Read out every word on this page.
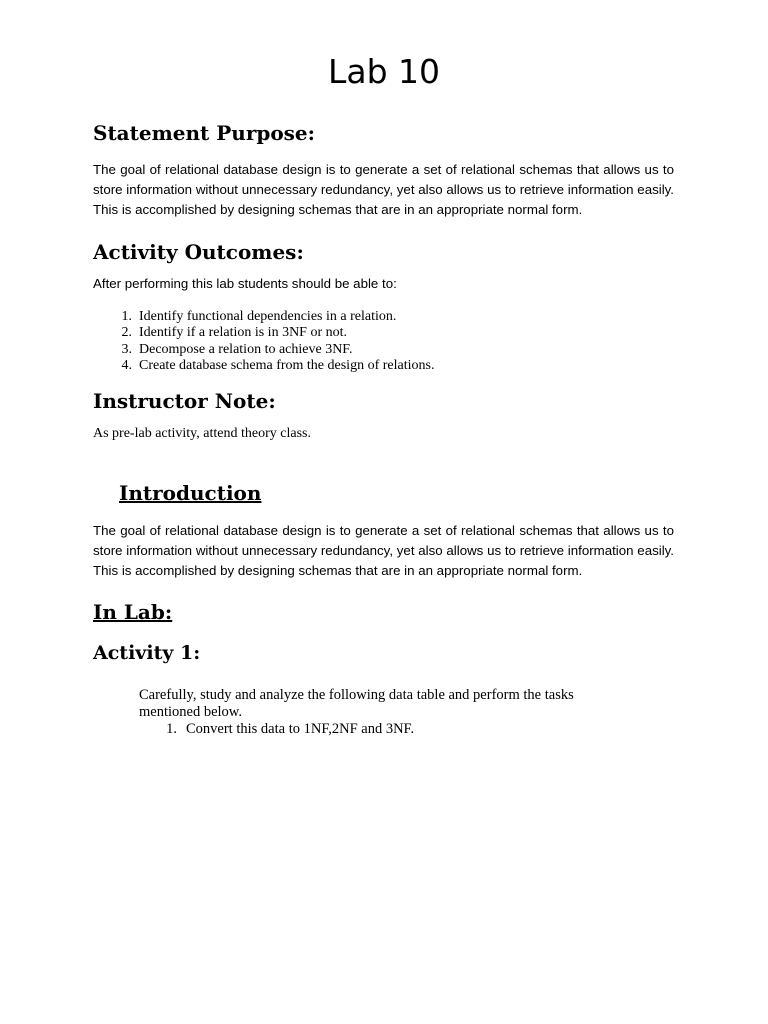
Lab 10
Statement Purpose:

The goal of relational database design is to generate a set of relational schemas that allows us to store information without unnecessary redundancy, yet also allows us to retrieve information easily. This is accomplished by designing schemas that are in an appropriate normal form.

Activity Outcomes:

After performing this lab students should be able to:

1. Identify functional dependencies in a relation.
2. Identify if a relation is in 3NF or not.
3. Decompose a relation to achieve 3NF.
4. Create database schema from the design of relations.
Instructor Note:

As pre-lab activity, attend theory class.

Introduction

The goal of relational database design is to generate a set of relational schemas that allows us to store information without unnecessary redundancy, yet also allows us to retrieve information easily. This is accomplished by designing schemas that are in an appropriate normal form.

In Lab:
Activity 1:

Carefully, study and analyze the following data table and perform the tasks mentioned below.

1. Convert this data to 1NF,2NF and 3NF.
